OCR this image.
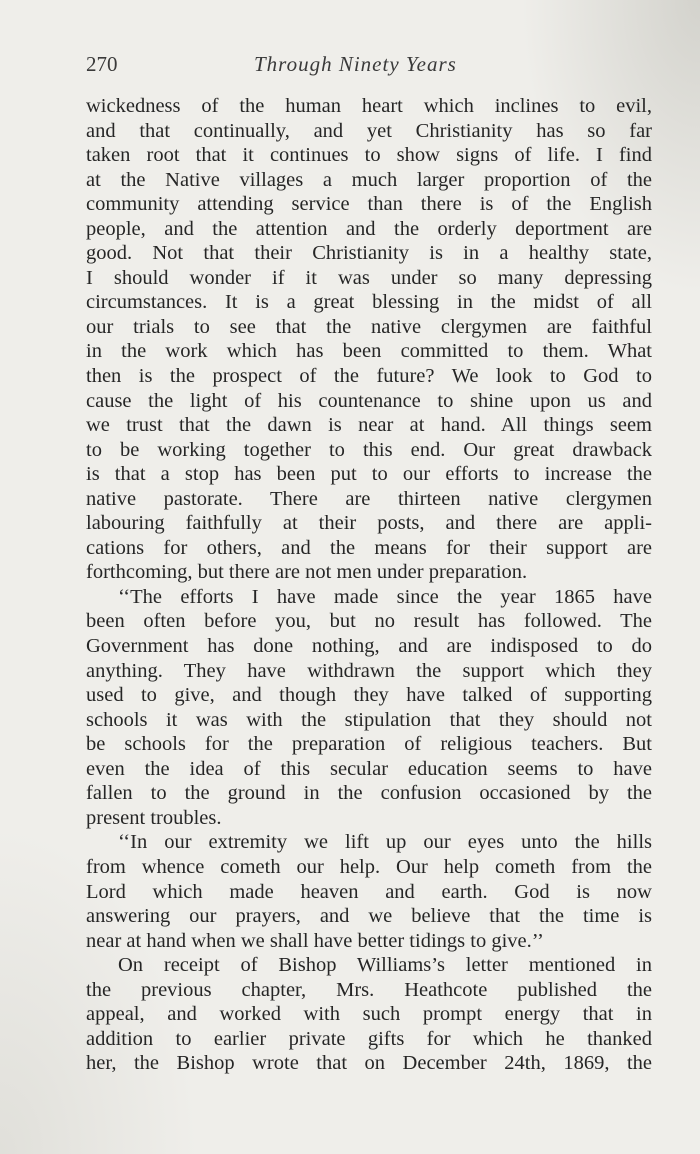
270	Through Ninety Years
wickedness of the human heart which inclines to evil,
and that continually, and yet Christianity has so far
taken root that it continues to show signs of life. I find
at the Native villages a much larger proportion of the
community attending service than there is of the English
people, and the attention and the orderly deportment are
good. Not that their Christianity is in a healthy state,
I should wonder if it was under so many depressing
circumstances. It is a great blessing in the midst of all
our trials to see that the native clergymen are faithful
in the work which has been committed to them. What
then is the prospect of the future? We look to God to
cause the light of his countenance to shine upon us and
we trust that the dawn is near at hand. All things seem
to be working together to this end. Our great drawback
is that a stop has been put to our efforts to increase the
native pastorate. There are thirteen native clergymen
labouring faithfully at their posts, and there are appli-
cations for others, and the means for their support are
forthcoming, but there are not men under preparation.
‘‘The efforts I have made since the year 1865 have
been often before you, but no result has followed. The
Government has done nothing, and are indisposed to do
anything. They have withdrawn the support which they
used to give, and though they have talked of supporting
schools it was with the stipulation that they should not
be schools for the preparation of religious teachers. But
even the idea of this secular education seems to have
fallen to the ground in the confusion occasioned by the
present troubles.
‘‘In our extremity we lift up our eyes unto the hills
from whence cometh our help. Our help cometh from the
Lord which made heaven and earth. God is now
answering our prayers, and we believe that the time is
near at hand when we shall have better tidings to give.’’
On receipt of Bishop Williams’s letter mentioned in
the previous chapter, Mrs. Heathcote published the
appeal, and worked with such prompt energy that in
addition to earlier private gifts for which he thanked
her, the Bishop wrote that on December 24th, 1869, the
